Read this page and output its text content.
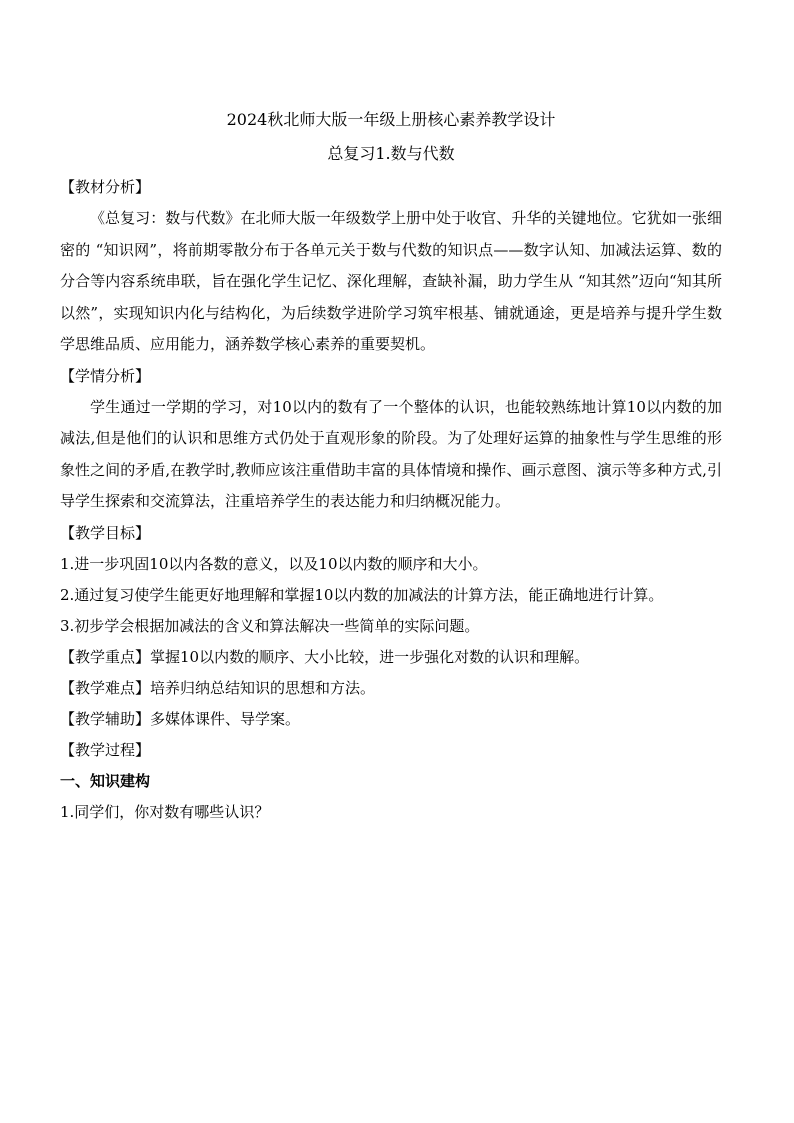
2024秋北师大版一年级上册核心素养教学设计

总复习1.数与代数

【教材分析】

《总复习：数与代数》在北师大版一年级数学上册中处于收官、升华的关键地位。它犹如一张细密的 “知识网”，将前期零散分布于各单元关于数与代数的知识点——数字认知、加减法运算、数的分合等内容系统串联，旨在强化学生记忆、深化理解，查缺补漏，助力学生从 “知其然”迈向“知其所以然”，实现知识内化与结构化，为后续数学进阶学习筑牢根基、铺就通途，更是培养与提升学生数学思维品质、应用能力，涵养数学核心素养的重要契机。

【学情分析】

学生通过一学期的学习，对10以内的数有了一个整体的认识，也能较熟练地计算10以内数的加减法,但是他们的认识和思维方式仍处于直观形象的阶段。为了处理好运算的抽象性与学生思维的形象性之间的矛盾,在教学时,教师应该注重借助丰富的具体情境和操作、画示意图、演示等多种方式,引导学生探索和交流算法，注重培养学生的表达能力和归纳概况能力。

【教学目标】

1.进一步巩固10以内各数的意义，以及10以内数的顺序和大小。

2.通过复习使学生能更好地理解和掌握10以内数的加减法的计算方法，能正确地进行计算。

3.初步学会根据加减法的含义和算法解决一些简单的实际问题。

【教学重点】掌握10以内数的顺序、大小比较，进一步强化对数的认识和理解。

【教学难点】培养归纳总结知识的思想和方法。

【教学辅助】多媒体课件、导学案。

【教学过程】

一、知识建构

1.同学们，你对数有哪些认识？
